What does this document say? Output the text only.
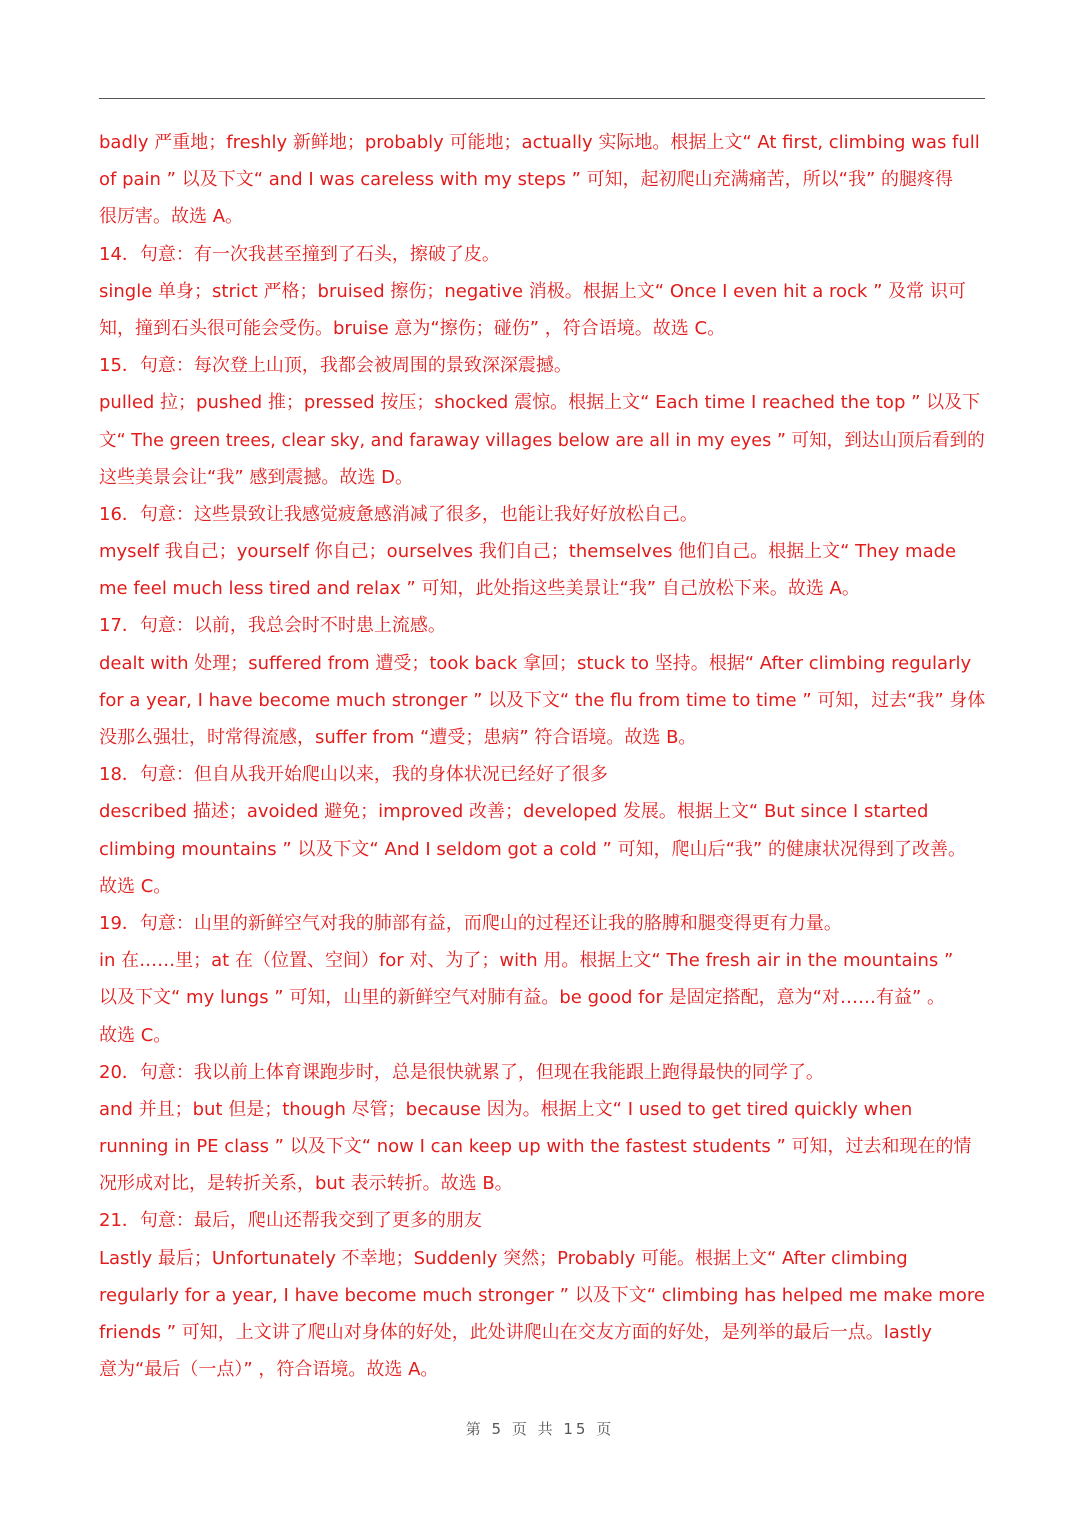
badly 严重地；freshly 新鲜地；probably 可能地；actually 实际地。根据上文“ At first, climbing was full
of pain ” 以及下文“ and I was careless with my steps ” 可知，起初爬山充满痛苦，所以“我” 的腿疼得
很厉害。故选 A。
14．句意：有一次我甚至撞到了石头，擦破了皮。
single 单身；strict 严格；bruised 擦伤；negative 消极。根据上文“ Once I even hit a rock ” 及常 识可
知，撞到石头很可能会受伤。bruise 意为“擦伤；碰伤” ，符合语境。故选 C。
15．句意：每次登上山顶，我都会被周围的景致深深震撼。
pulled 拉；pushed 推；pressed 按压；shocked 震惊。根据上文“ Each time I reached the top ” 以及下
文“ The green trees, clear sky, and faraway villages below are all in my eyes ” 可知，到达山顶后看到的
这些美景会让“我” 感到震撼。故选 D。
16．句意：这些景致让我感觉疲惫感消减了很多，也能让我好好放松自己。
myself 我自己；yourself 你自己；ourselves 我们自己；themselves 他们自己。根据上文“ They made
me feel much less tired and relax ” 可知，此处指这些美景让“我” 自己放松下来。故选 A。
17．句意：以前，我总会时不时患上流感。
dealt with 处理；suffered from 遭受；took back 拿回；stuck to 坚持。根据“ After climbing regularly
for a year, I have become much stronger ” 以及下文“ the flu from time to time ” 可知，过去“我” 身体
没那么强壮，时常得流感，suffer from “遭受；患病” 符合语境。故选 B。
18．句意：但自从我开始爬山以来，我的身体状况已经好了很多
described 描述；avoided 避免；improved 改善；developed 发展。根据上文“ But since I started
climbing mountains ” 以及下文“ And I seldom got a cold ” 可知，爬山后“我” 的健康状况得到了改善。
故选 C。
19．句意：山里的新鲜空气对我的肺部有益，而爬山的过程还让我的胳膊和腿变得更有力量。
in 在……里；at 在（位置、空间）for 对、为了；with 用。根据上文“ The fresh air in the mountains ”
以及下文“ my lungs ” 可知，山里的新鲜空气对肺有益。be good for 是固定搭配，意为“对……有益” 。
故选 C。
20．句意：我以前上体育课跑步时，总是很快就累了，但现在我能跟上跑得最快的同学了。
and 并且；but 但是；though 尽管；because 因为。根据上文“ I used to get tired quickly when
running in PE class ” 以及下文“ now I can keep up with the fastest students ” 可知，过去和现在的情
况形成对比，是转折关系，but 表示转折。故选 B。
21．句意：最后，爬山还帮我交到了更多的朋友
Lastly 最后；Unfortunately 不幸地；Suddenly 突然；Probably 可能。根据上文“ After climbing
regularly for a year, I have become much stronger ” 以及下文“ climbing has helped me make more
friends ” 可知，上文讲了爬山对身体的好处，此处讲爬山在交友方面的好处，是列举的最后一点。lastly
意为“最后（一点）” ，符合语境。故选 A。
第 5 页 共 15 页
